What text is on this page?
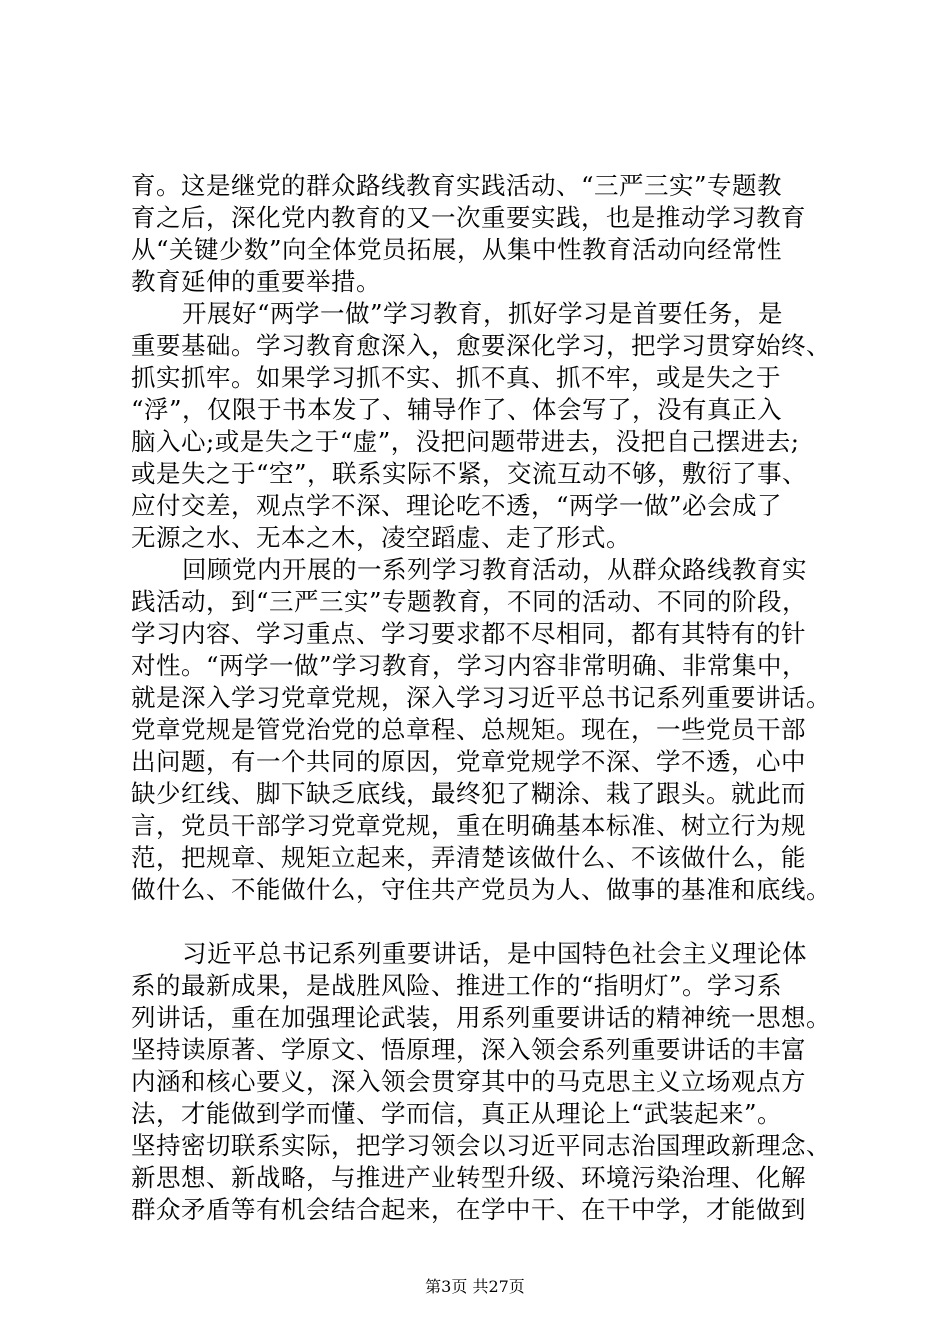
育。这是继党的群众路线教育实践活动、“三严三实”专题教
育之后，深化党内教育的又一次重要实践，也是推动学习教育
从“关键少数”向全体党员拓展，从集中性教育活动向经常性
教育延伸的重要举措。
开展好“两学一做”学习教育，抓好学习是首要任务，是
重要基础。学习教育愈深入，愈要深化学习，把学习贯穿始终、
抓实抓牢。如果学习抓不实、抓不真、抓不牢，或是失之于
“浮”，仅限于书本发了、辅导作了、体会写了，没有真正入
脑入心;或是失之于“虚”，没把问题带进去，没把自己摆进去;
或是失之于“空”，联系实际不紧，交流互动不够，敷衍了事、
应付交差，观点学不深、理论吃不透，“两学一做”必会成了
无源之水、无本之木，凌空蹈虚、走了形式。
回顾党内开展的一系列学习教育活动，从群众路线教育实
践活动，到“三严三实”专题教育，不同的活动、不同的阶段，
学习内容、学习重点、学习要求都不尽相同，都有其特有的针
对性。“两学一做”学习教育，学习内容非常明确、非常集中，
就是深入学习党章党规，深入学习习近平总书记系列重要讲话。
党章党规是管党治党的总章程、总规矩。现在，一些党员干部
出问题，有一个共同的原因，党章党规学不深、学不透，心中
缺少红线、脚下缺乏底线，最终犯了糊涂、栽了跟头。就此而
言，党员干部学习党章党规，重在明确基本标准、树立行为规
范，把规章、规矩立起来，弄清楚该做什么、不该做什么，能
做什么、不能做什么，守住共产党员为人、做事的基准和底线。
习近平总书记系列重要讲话，是中国特色社会主义理论体
系的最新成果，是战胜风险、推进工作的“指明灯”。学习系
列讲话，重在加强理论武装，用系列重要讲话的精神统一思想。
坚持读原著、学原文、悟原理，深入领会系列重要讲话的丰富
内涵和核心要义，深入领会贯穿其中的马克思主义立场观点方
法，才能做到学而懂、学而信，真正从理论上“武装起来”。
坚持密切联系实际，把学习领会以习近平同志治国理政新理念、
新思想、新战略，与推进产业转型升级、环境污染治理、化解
群众矛盾等有机会结合起来，在学中干、在干中学，才能做到
第3页 共27页
